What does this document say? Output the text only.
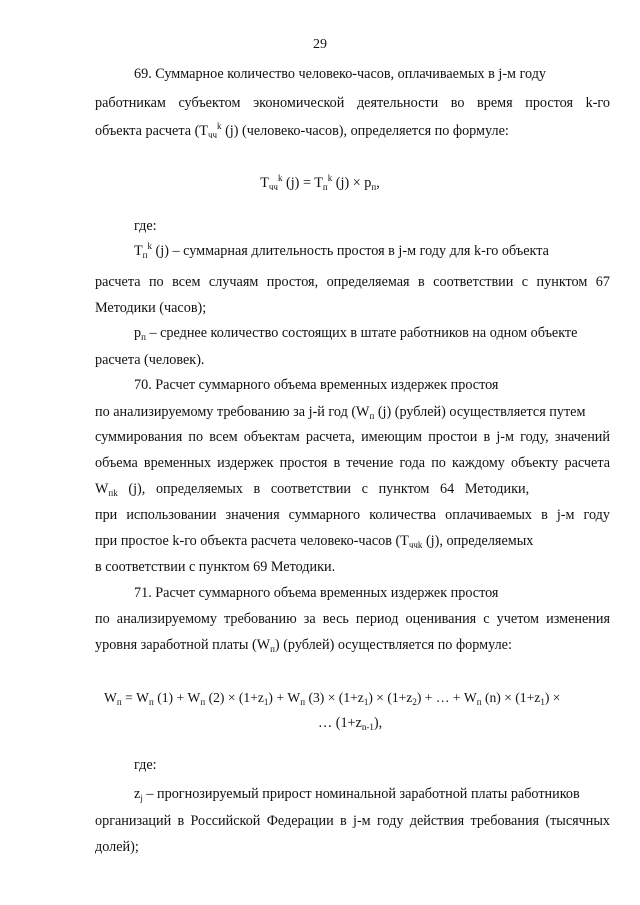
29
69. Суммарное количество человеко-часов, оплачиваемых в j-м году
работникам субъектом экономической деятельности во время простоя k-го
объекта расчета ($T_{чч}^k$ (j) (человеко-часов), определяется по формуле:
$T_{чч}^k$ $(j) = T_п^k$ $(j) \times p_п$,
где:
$T_п^k$ (j) – суммарная длительность простоя в j-м году для k-го объекта
расчета по всем случаям простоя, определяемая в соответствии с пунктом 67
Методики (часов);
$p_п$ – среднее количество состоящих в штате работников на одном объекте
расчета (человек).
70. Расчет суммарного объема временных издержек простоя
по анализируемому требованию за j-й год ($W_п$ (j) (рублей) осуществляется путем
суммирования по всем объектам расчета, имеющим простои в j-м году, значений
объема временных издержек простоя в течение года по каждому объекту расчета
$W_{пk}$   (j),   определяемых   в   соответствии   с   пунктом   64   Методики,
при использовании значения суммарного количества оплачиваемых в j-м году
при простое k-го объекта расчета человеко-часов ($T_{ччk}$ (j), определяемых
в соответствии с пунктом 69 Методики.
71. Расчет суммарного объема временных издержек простоя
по анализируемому требованию за весь период оценивания с учетом изменения
уровня заработной платы $(W_п)$ (рублей) осуществляется по формуле:
$W_п = W_п$ $(1) + W_п$ $(2) \times (1+z_1) + W_п$ $(3) \times (1+z_1) \times (1+z_2)$ + … + $W_п$ $(n) \times (1+z_1)$ ×
… $(1+z_{n-1})$,
где:
$z_j$ – прогнозируемый прирост номинальной заработной платы работников
организаций в Российской Федерации в j-м году действия требования (тысячных
долей);
